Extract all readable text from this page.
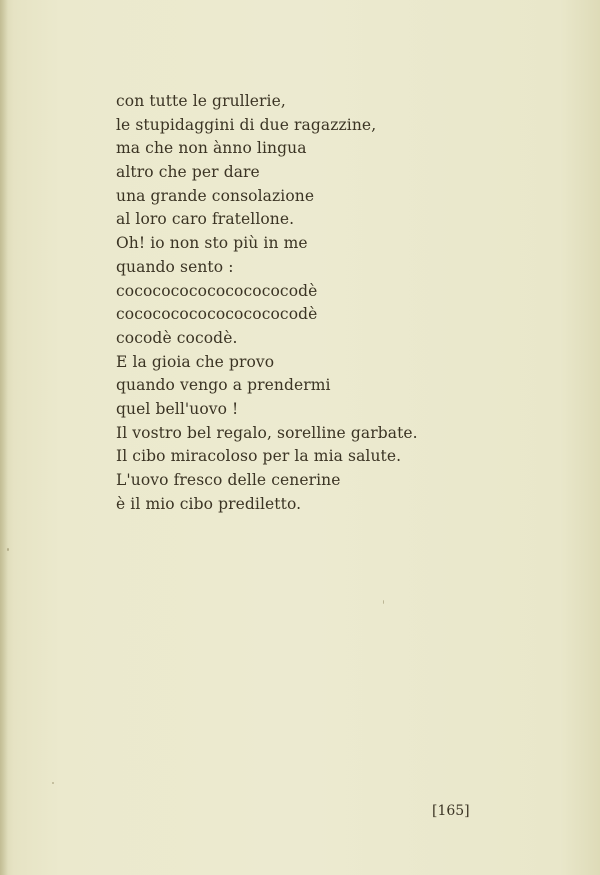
con tutte le grullerie,
le stupidaggini di due ragazzine,
ma che non ànno lingua
altro che per dare
una grande consolazione
al loro caro fratellone.
Oh! io non sto più in me
quando sento :
cocococococococococodè
cocococococococococodè
cocodè cocodè.
E la gioia che provo
quando vengo a prendermi
quel bell'uovo !
Il vostro bel regalo, sorelline garbate.
Il cibo miracoloso per la mia salute.
L'uovo fresco delle cenerine
è il mio cibo prediletto.
[165]
